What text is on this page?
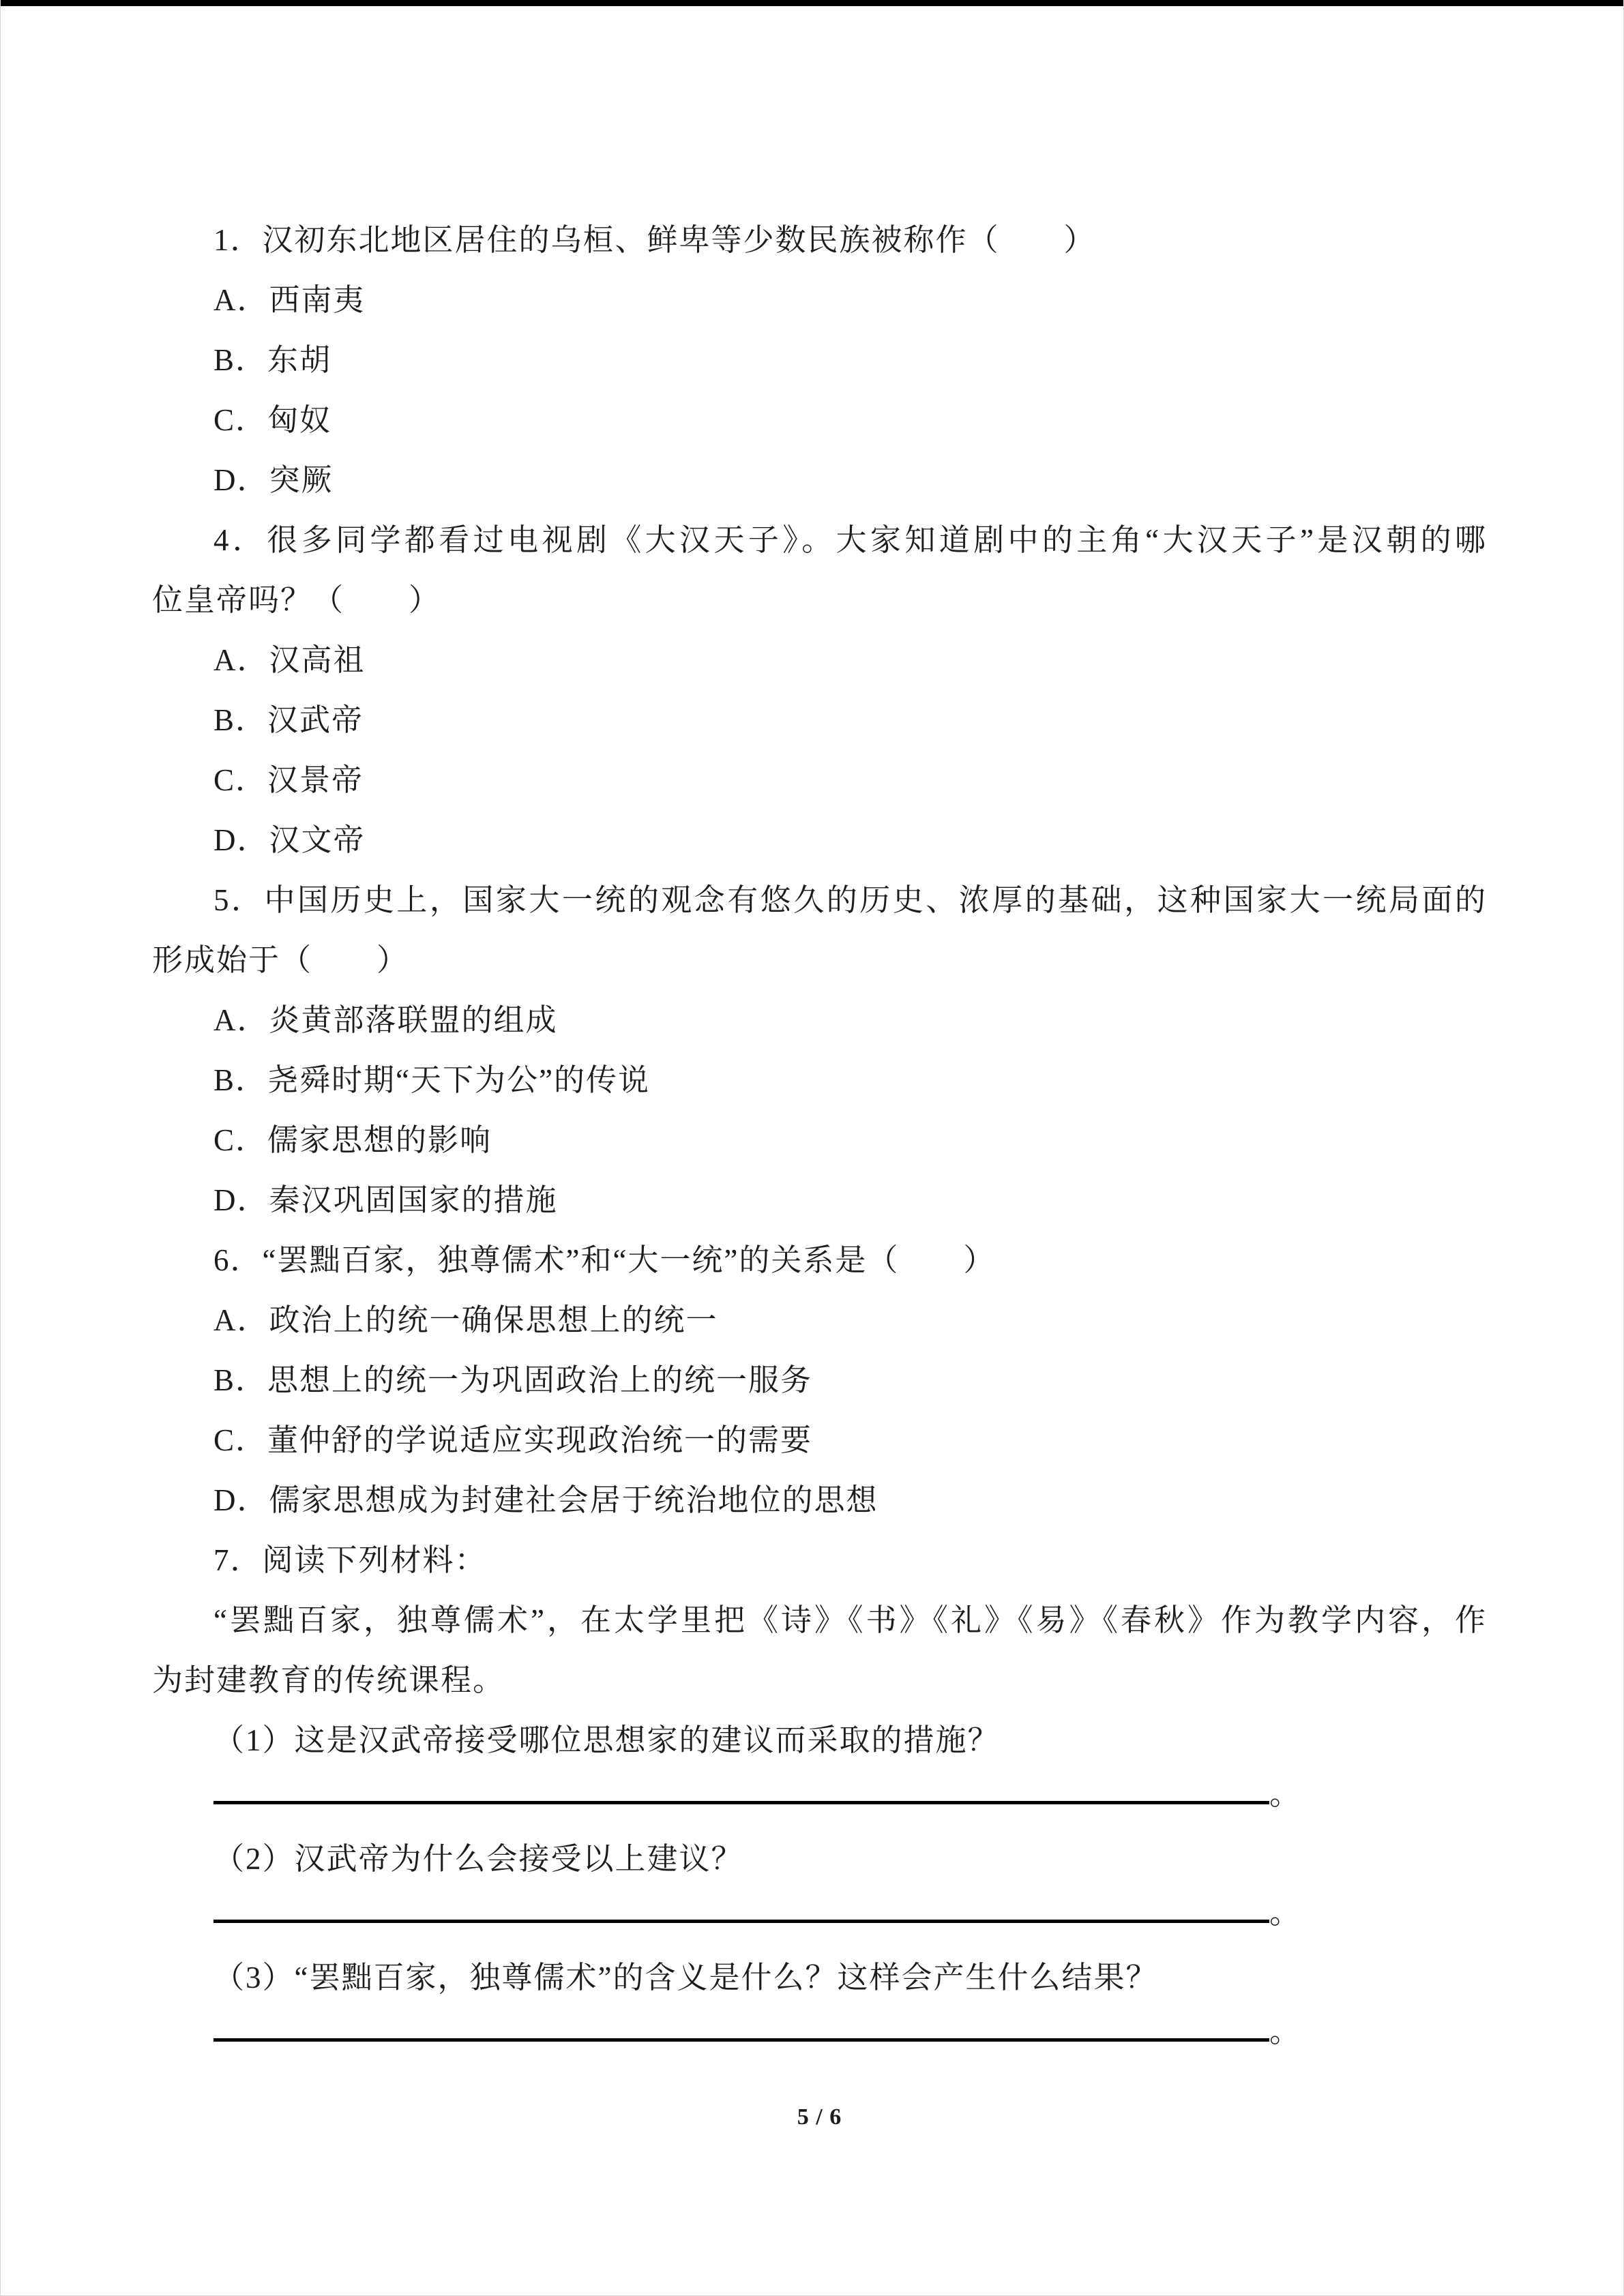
1．汉初东北地区居住的乌桓、鲜卑等少数民族被称作（　　）
A．西南夷
B．东胡
C．匈奴
D．突厥
4．很多同学都看过电视剧《大汉天子》。大家知道剧中的主角“大汉天子”是汉朝的哪
位皇帝吗？（　　）
A．汉高祖
B．汉武帝
C．汉景帝
D．汉文帝
5．中国历史上，国家大一统的观念有悠久的历史、浓厚的基础，这种国家大一统局面的
形成始于（　　）
A．炎黄部落联盟的组成
B．尧舜时期“天下为公”的传说
C．儒家思想的影响
D．秦汉巩固国家的措施
6．“罢黜百家，独尊儒术”和“大一统”的关系是（　　）
A．政治上的统一确保思想上的统一
B．思想上的统一为巩固政治上的统一服务
C．董仲舒的学说适应实现政治统一的需要
D．儒家思想成为封建社会居于统治地位的思想
7．阅读下列材料：
“罢黜百家，独尊儒术”，在太学里把《诗》《书》《礼》《易》《春秋》作为教学内容，作
为封建教育的传统课程。
（1）这是汉武帝接受哪位思想家的建议而采取的措施？
。
（2）汉武帝为什么会接受以上建议？
。
（3）“罢黜百家，独尊儒术”的含义是什么？这样会产生什么结果？
。
5 / 6
